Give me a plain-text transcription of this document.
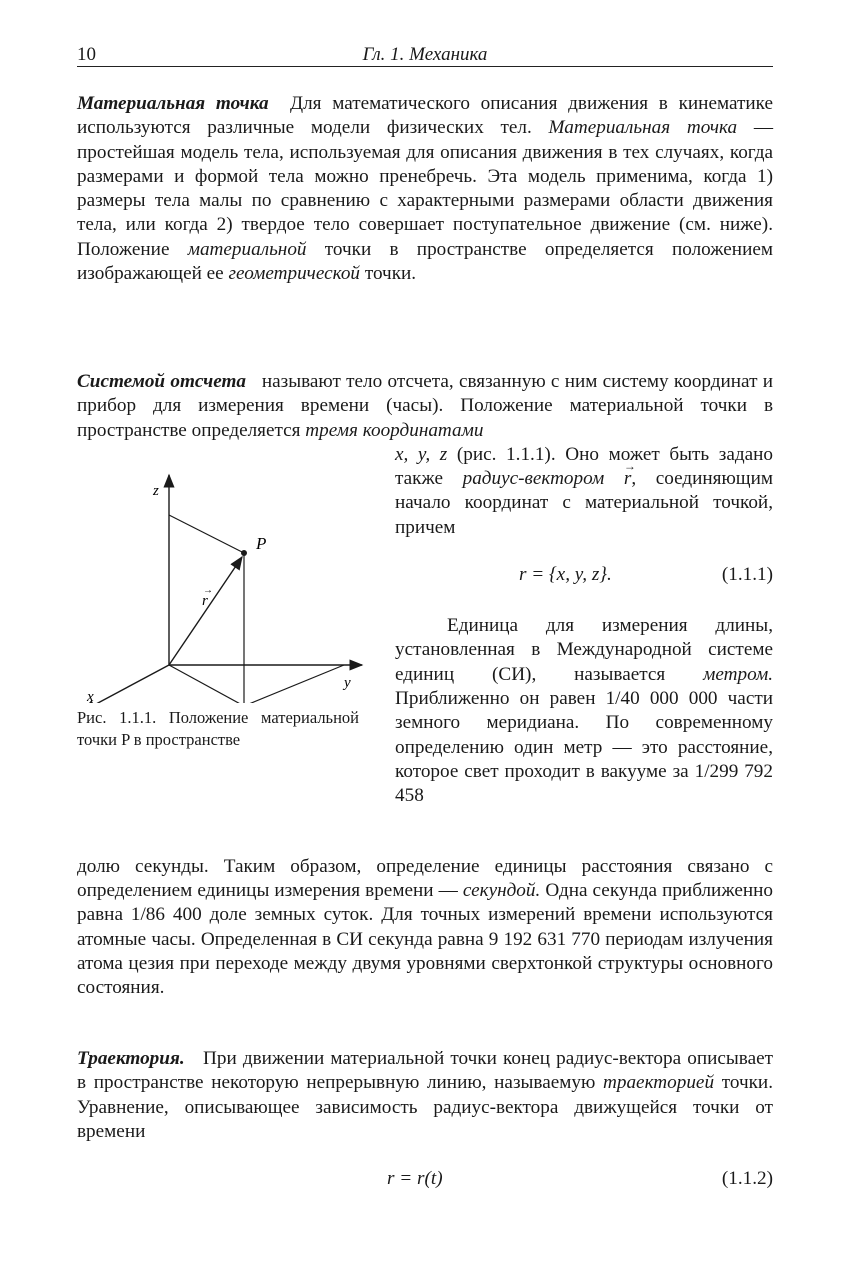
10	Гл. 1. Механика

Материальная точка Для математического описания движения в кинематике используются различные модели физических тел. Материальная точка — простейшая модель тела, используемая для описания движения в тех случаях, когда размерами и формой тела можно пренебречь. Эта модель применима, когда 1) размеры тела малы по сравнению с характерными размерами области движения тела, или когда 2) твердое тело совершает поступательное движение (см. ниже). Положение материальной точки в пространстве определяется положением изображающей ее геометрической точки.

Системой отсчета называют тело отсчета, связанную с ним систему координат и прибор для измерения времени (часы). Положение материальной точки в пространстве определяется тремя координатами

z
y
x
P
r
→
Рис. 1.1.1. Положение материальной точки P в пространстве

x, y, z (рис. 1.1.1). Оно может быть задано также радиус-вектором → r, соединяющим начало координат с материальной точкой, причем

r = {x, y, z}.	(1.1.1)

Единица для измерения длины, установленная в Международной системе единиц (СИ), называется метром. Приближенно он равен 1/40 000 000 части земного меридиана. По современному определению один метр — это расстояние, которое свет проходит в вакууме за 1/299 792 458

долю секунды. Таким образом, определение единицы расстояния связано с определением единицы измерения времени — секундой. Одна секунда приближенно равна 1/86 400 доле земных суток. Для точных измерений времени используются атомные часы. Определенная в СИ секунда равна 9 192 631 770 периодам излучения атома цезия при переходе между двумя уровнями сверхтонкой структуры основного состояния.

Траектория. При движении материальной точки конец радиус-вектора описывает в пространстве некоторую непрерывную линию, называемую траекторией точки. Уравнение, описывающее зависимость радиус-вектора движущейся точки от времени

r = r(t)	(1.1.2)
